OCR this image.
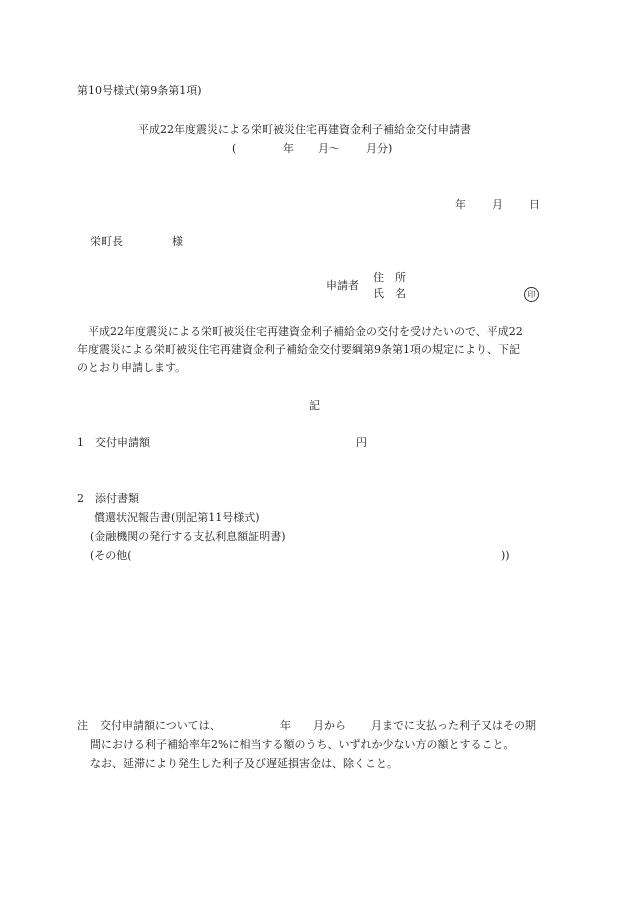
第10号様式(第9条第1項)
平成22年度震災による栄町被災住宅再建資金利子補給金交付申請書
(	年 月〜 月分)
年 月 日
栄町長	様
申請者
住　所
氏　名	印
　平成22年度震災による栄町被災住宅再建資金利子補給金の交付を受けたいので、平成22
年度震災による栄町被災住宅再建資金利子補給金交付要綱第9条第1項の規定により、下記
のとおり申請します。
記
1　交付申請額	円
2　添付書類
償還状況報告書(別記第11号様式)
(金融機関の発行する支払利息額証明書)
(その他(	))
注 交付申請額については、	年 月から 月までに支払った利子又はその期
間における利子補給率年2%に相当する額のうち、いずれか少ない方の額とすること。
なお、延滞により発生した利子及び遅延損害金は、除くこと。
